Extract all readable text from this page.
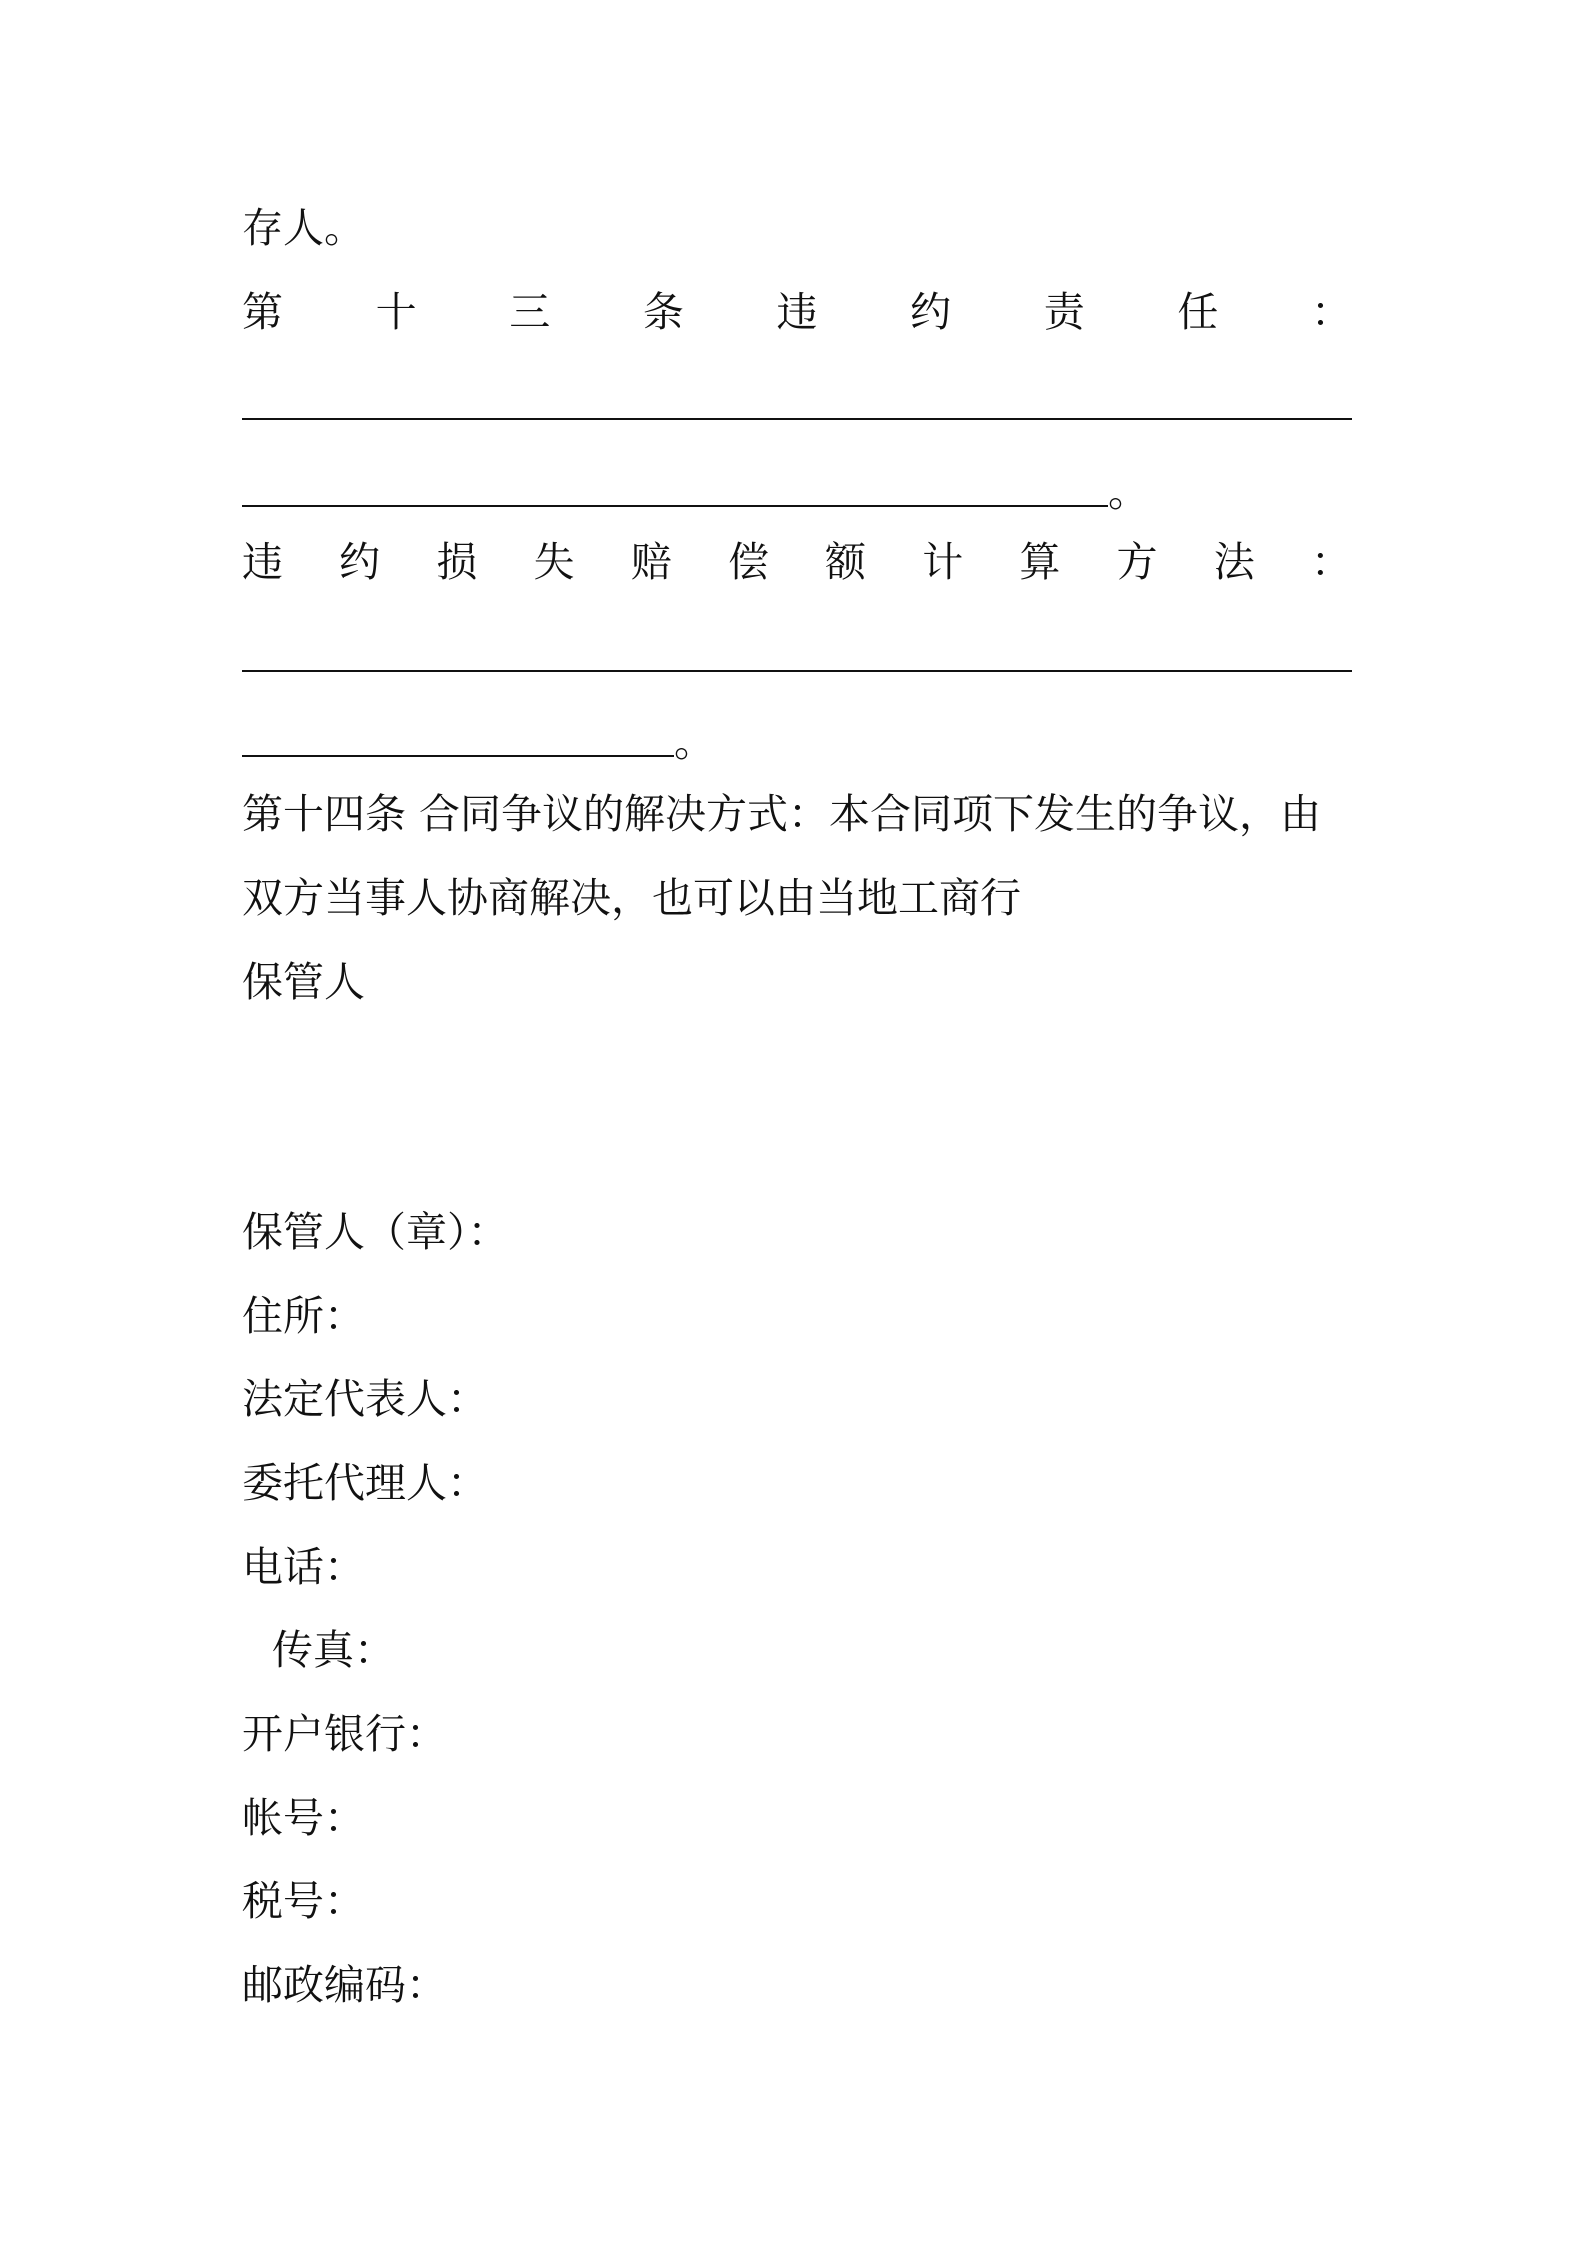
存人。
第 十 三 条 违 约 责 任 ：
。
违 约 损 失 赔 偿 额 计 算 方 法 ：
。
第十四条 合同争议的解决方式：本合同项下发生的争议，由
双方当事人协商解决，也可以由当地工商行
保管人
保管人（章）：
住所：
法定代表人：
委托代理人：
电话：
传真：
开户银行：
帐号：
税号：
邮政编码：
